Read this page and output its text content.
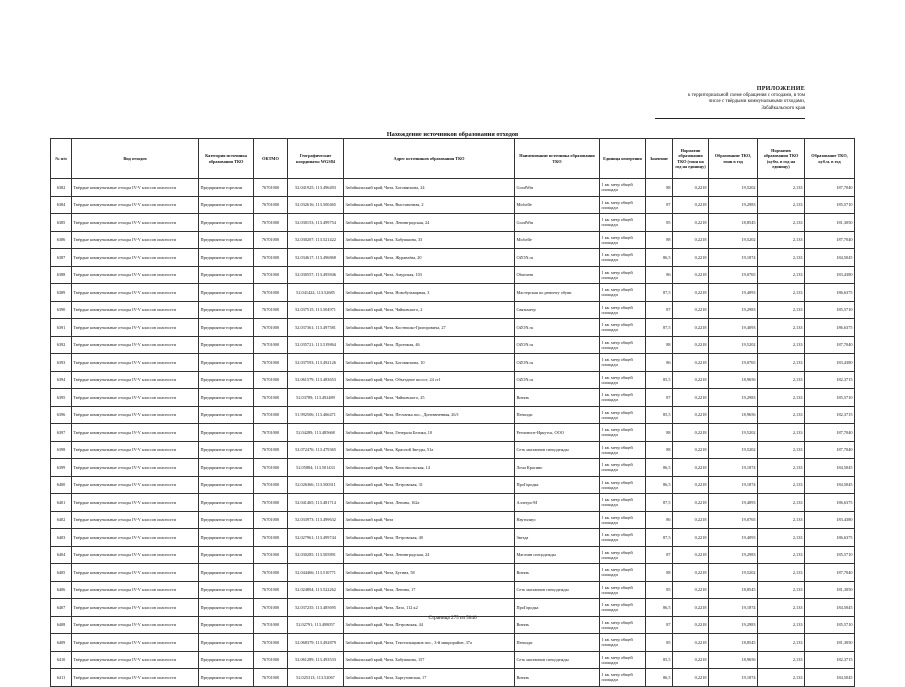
ПРИЛОЖЕНИЕ
к территориальной схеме обращения с отходами, в том
числе с твёрдыми коммунальными отходами,
Забайкальского края
Нахождение источников образования отходов
№ п/п	Вид отходов	Категория источника образования ТКО	ОКТМО	Географические координаты WGS84	Адрес источников образования ТКО	Наименование источника образования ТКО	Единица измерения	Значение	Норматив образования ТКО (тонн на год на единицу)	Образование ТКО, тонн в год	Норматив образования ТКО (кубм. в год на единицу)	Образование ТКО, куб.м. в год
6382	Твёрдые коммунальные отходы IV-V классов опасности	Предприятия торговли	76701000	52.041925; 113.496493	Забайкальский край, Чита, Богомягкова, 24	GoodWin	1 кв. метр общей площади	88	0,2218	19,5202	2,133	187,7040
6384	Твёрдые коммунальные отходы IV-V классов опасности	Предприятия торговли	76701000	52.032616; 113.500465	Забайкальский край, Чита, Выставочная, 2	Michelle	1 кв. метр общей площади	87	0,2218	19,2983	2,133	185,5710
6385	Твёрдые коммунальные отходы IV-V классов опасности	Предприятия торговли	76701000	52.030153; 113.499754	Забайкальский край, Чита, Ленинградская, 24	GoodWin	1 кв. метр общей площади	85	0,2218	18,8545	2,133	181,3050
6386	Твёрдые коммунальные отходы IV-V классов опасности	Предприятия торговли	76701000	52.030207; 113.521422	Забайкальский край, Чита, Бабушкина, 33	Michelle	1 кв. метр общей площади	88	0,2218	19,5202	2,133	187,7040
6387	Твёрдые коммунальные отходы IV-V классов опасности	Предприятия торговли	76701000	52.034617; 113.496868	Забайкальский край, Чита, Журавлёва, 20	OZON.ru	1 кв. метр общей площади	86,5	0,2218	19,1874	2,133	184,5045
6388	Твёрдые коммунальные отходы IV-V классов опасности	Предприятия торговли	76701000	52.030557; 113.495846	Забайкальский край, Чита, Амурская, 103	Obuvaem	1 кв. метр общей площади	86	0,2218	19,0765	2,133	183,4380
6389	Твёрдые коммунальные отходы IV-V классов опасности	Предприятия торговли	76701000	52.041422; 113.52685	Забайкальский край, Чита, Новобульварная, 3	Мастерская по ремонту обуви	1 кв. метр общей площади	87,5	0,2218	19,4093	2,133	186,6375
6390	Твёрдые коммунальные отходы IV-V классов опасности	Предприятия торговли	76701000	52.037515; 113.504971	Забайкальский край, Чита, Чайковского, 2	Связьметр	1 кв. метр общей площади	87	0,2218	19,2983	2,133	185,5710
6391	Твёрдые коммунальные отходы IV-V классов опасности	Предприятия торговли	76701000	52.037361; 113.497581	Забайкальский край, Чита, Костюшко-Григоровича, 27	OZON.ru	1 кв. метр общей площади	87,5	0,2218	19,4093	2,133	186,6375
6392	Твёрдые коммунальные отходы IV-V классов опасности	Предприятия торговли	76701000	52.035721; 113.519864	Забайкальский край, Чита, Проезжая, 46	OZON.ru	1 кв. метр общей площади	88	0,2218	19,5202	2,133	187,7040
6393	Твёрдые коммунальные отходы IV-V классов опасности	Предприятия торговли	76701000	52.037593; 113.492126	Забайкальский край, Чита, Богомягкова, 10	OZON.ru	1 кв. метр общей площади	86	0,2218	19,0765	2,133	183,4380
6394	Твёрдые коммунальные отходы IV-V классов опасности	Предприятия торговли	76701000	52.061579; 113.483653	Забайкальский край, Чита, Объездное шоссе, 24 ст1	OZON.ru	1 кв. метр общей площади	85,5	0,2218	18,9656	2,133	182,3715
6395	Твёрдые коммунальные отходы IV-V классов опасности	Предприятия торговли	76701000	52.03789; 113.492489	Забайкальский край, Чита, Чайковского, 25	Витязь	1 кв. метр общей площади	87	0,2218	19,2983	2,133	185,5710
6396	Твёрдые коммунальные отходы IV-V классов опасности	Предприятия торговли	76701000	51.992506; 113.466471	Забайкальский край, Чита, Песчанка пос., Донгавненная, 26/1	Пеналди	1 кв. метр общей площади	85,5	0,2218	18,9656	2,133	182,3715
6397	Твёрдые коммунальные отходы IV-V классов опасности	Предприятия торговли	76701000	52.04289; 113.485668	Забайкальский край, Чита, Генерала Белика, 10	Регионопт-Иркутск, ООО	1 кв. метр общей площади	88	0,2218	19,5202	2,133	187,7040
6398	Твёрдые коммунальные отходы IV-V классов опасности	Предприятия торговли	76701000	52.072476; 113.479365	Забайкальский край, Чита, Красной Звезды, 51а	Сеть магазинов спецодежды	1 кв. метр общей площади	88	0,2218	19,5202	2,133	187,7040
6399	Твёрдые коммунальные отходы IV-V классов опасности	Предприятия торговли	76701000	52.05884; 113.501433	Забайкальский край, Чита, Комсомольская, 14	Лочи Красино	1 кв. метр общей площади	86,5	0,2218	19,1874	2,133	184,5045
6400	Твёрдые коммунальные отходы IV-V классов опасности	Предприятия торговли	76701000	52.026366; 113.500311	Забайкальский край, Чита, Петровская, 31	ПроГородка	1 кв. метр общей площади	86,5	0,2218	19,1874	2,133	184,5045
6401	Твёрдые коммунальные отходы IV-V классов опасности	Предприятия торговли	76701000	52.041465; 113.481714	Забайкальский край, Чита, Ленина, 162а	Аллегро-М	1 кв. метр общей площади	87,5	0,2218	19,4093	2,133	186,6375
6402	Твёрдые коммунальные отходы IV-V классов опасности	Предприятия торговли	76701000	52.033973; 113.499632	Забайкальский край, Чита	Наутилиус	1 кв. метр общей площади	86	0,2218	19,0765	2,133	183,4380
6403	Твёрдые коммунальные отходы IV-V классов опасности	Предприятия торговли	76701000	52.027961; 113.499744	Забайкальский край, Чита, Петровская, 40	Звезда	1 кв. метр общей площади	87,5	0,2218	19,4093	2,133	186,6375
6404	Твёрдые коммунальные отходы IV-V классов опасности	Предприятия торговли	76701000	52.030285; 113.505891	Забайкальский край, Чита, Ленинградская, 24	Магазин спецодежды	1 кв. метр общей площади	87	0,2218	19,2983	2,133	185,5710
6405	Твёрдые коммунальные отходы IV-V классов опасности	Предприятия торговли	76701000	52.044466; 113.510771	Забайкальский край, Чита, Бутина, 58	Витязь	1 кв. метр общей площади	88	0,2218	19,5202	2,133	187,7040
6406	Твёрдые коммунальные отходы IV-V классов опасности	Предприятия торговли	76701000	52.024804; 113.522262	Забайкальский край, Чита, Ленина, 17	Сеть магазинов спецодежды	1 кв. метр общей площади	85	0,2218	18,8545	2,133	181,3050
6407	Твёрдые коммунальные отходы IV-V классов опасности	Предприятия торговли	76701000	52.037235; 113.485695	Забайкальский край, Чита, Лазо, 112 к2	ПроГородка	1 кв. метр общей площади	86,5	0,2218	19,1874	2,133	184,5045
6408	Твёрдые коммунальные отходы IV-V классов опасности	Предприятия торговли	76701000	52.02791; 113.498057	Забайкальский край, Чита, Петровская, 44	Витязь	1 кв. метр общей площади	87	0,2218	19,2983	2,133	185,5710
6409	Твёрдые коммунальные отходы IV-V классов опасности	Предприятия торговли	76701000	52.068379; 113.492879	Забайкальский край, Чита, Текстильщиков пос., 3-й микрорайон, 37а	Пеналди	1 кв. метр общей площади	85	0,2218	18,8545	2,133	181,3050
6410	Твёрдые коммунальные отходы IV-V классов опасности	Предприятия торговли	76701000	52.061289; 113.493533	Забайкальский край, Чита, Бабушкина, 157	Сеть магазинов спецодежды	1 кв. метр общей площади	85,5	0,2218	18,9656	2,133	182,3715
6411	Твёрдые коммунальные отходы IV-V классов опасности	Предприятия торговли	76701000	52.025313; 113.52067	Забайкальский край, Чита, Баргузинская, 17	Витязь	1 кв. метр общей площади	86,5	0,2218	19,1874	2,133	184,5045
Страница 275 из 5046
